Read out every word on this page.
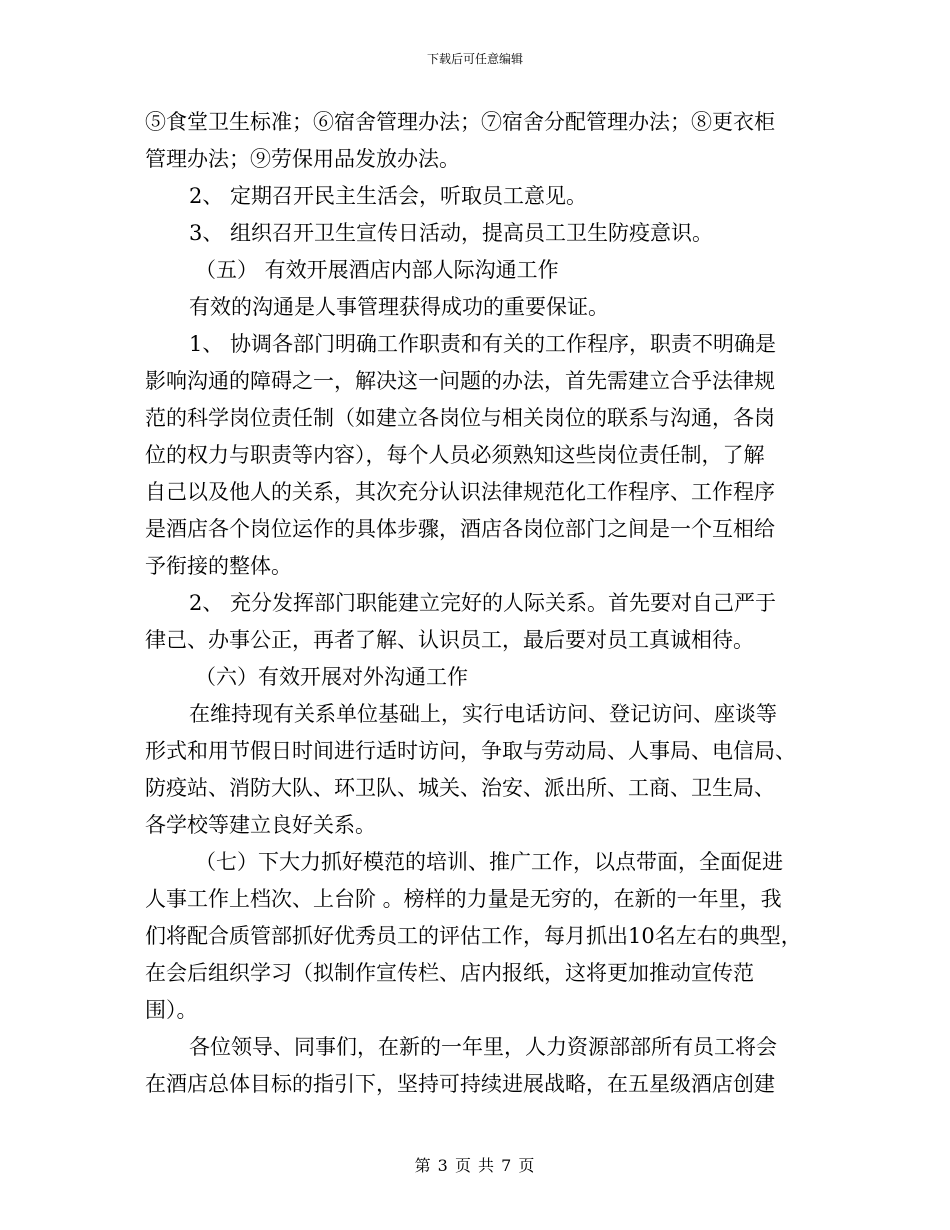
下载后可任意编辑
⑤食堂卫生标准；⑥宿舍管理办法；⑦宿舍分配管理办法；⑧更衣柜
管理办法；⑨劳保用品发放办法。
2、 定期召开民主生活会，听取员工意见。
3、 组织召开卫生宣传日活动，提高员工卫生防疫意识。
（五） 有效开展酒店内部人际沟通工作
有效的沟通是人事管理获得成功的重要保证。
1、 协调各部门明确工作职责和有关的工作程序，职责不明确是
影响沟通的障碍之一，解决这一问题的办法，首先需建立合乎法律规
范的科学岗位责任制（如建立各岗位与相关岗位的联系与沟通，各岗
位的权力与职责等内容），每个人员必须熟知这些岗位责任制，了解
自己以及他人的关系，其次充分认识法律规范化工作程序、工作程序
是酒店各个岗位运作的具体步骤，酒店各岗位部门之间是一个互相给
予衔接的整体。
2、 充分发挥部门职能建立完好的人际关系。首先要对自己严于
律己、办事公正，再者了解、认识员工，最后要对员工真诚相待。
（六）有效开展对外沟通工作
在维持现有关系单位基础上，实行电话访问、登记访问、座谈等
形式和用节假日时间进行适时访问，争取与劳动局、人事局、电信局、
防疫站、消防大队、环卫队、城关、治安、派出所、工商、卫生局、
各学校等建立良好关系。
（七）下大力抓好模范的培训、推广工作，以点带面，全面促进
人事工作上档次、上台阶 。榜样的力量是无穷的，在新的一年里，我
们将配合质管部抓好优秀员工的评估工作，每月抓出10名左右的典型，
在会后组织学习（拟制作宣传栏、店内报纸，这将更加推动宣传范
围）。
各位领导、同事们，在新的一年里，人力资源部部所有员工将会
在酒店总体目标的指引下，坚持可持续进展战略，在五星级酒店创建
第 3 页 共 7 页
